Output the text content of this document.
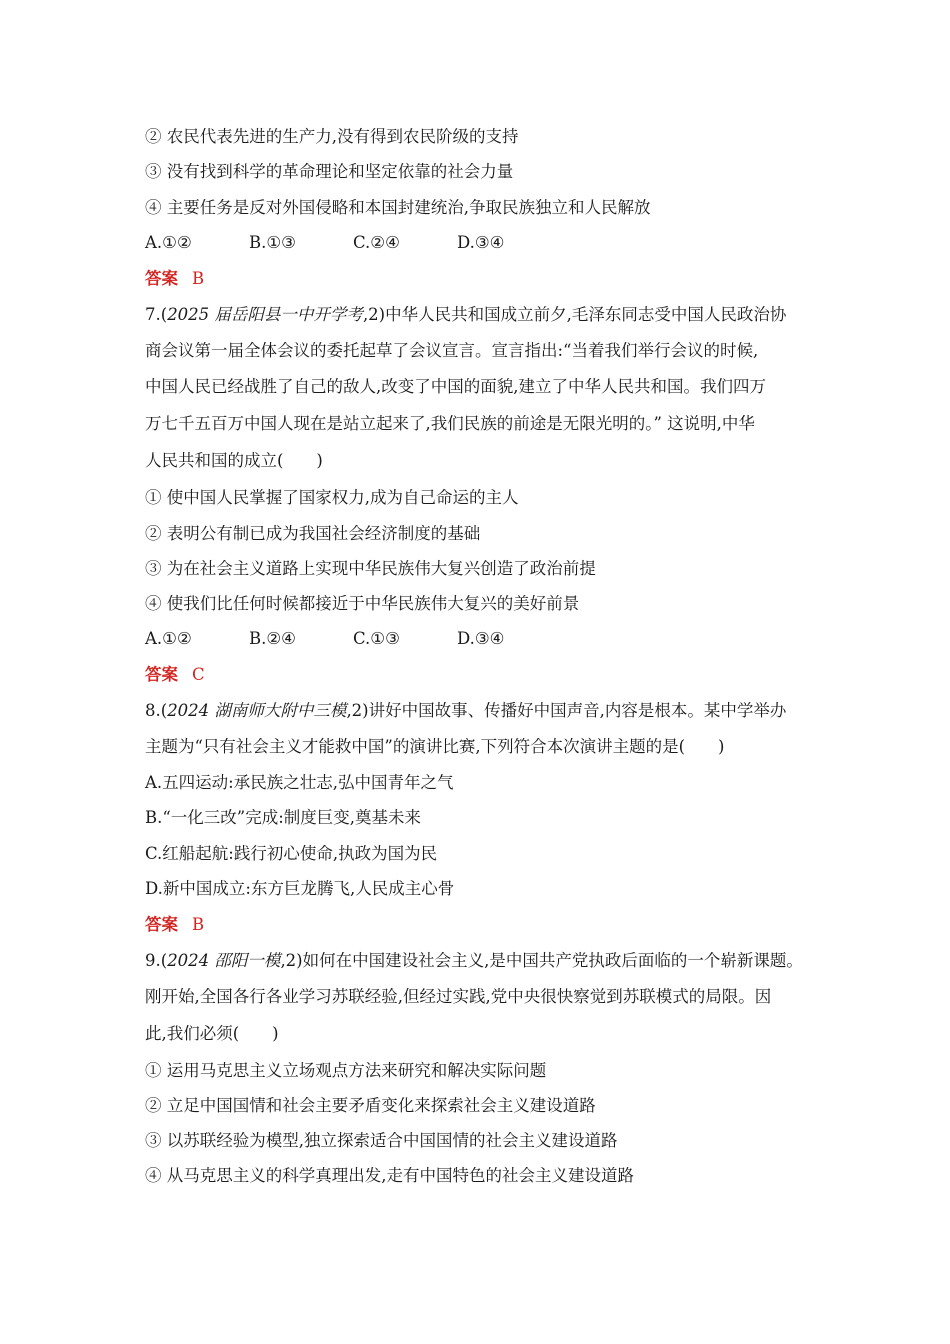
② 农民代表先进的生产力,没有得到农民阶级的支持
③ 没有找到科学的革命理论和坚定依靠的社会力量
④ 主要任务是反对外国侵略和本国封建统治,争取民族独立和人民解放
A.①②	B.①③	C.②④	D.③④
答案 B
7.(2025 届岳阳县一中开学考,2)中华人民共和国成立前夕,毛泽东同志受中国人民政治协
商会议第一届全体会议的委托起草了会议宣言。宣言指出:“当着我们举行会议的时候,
中国人民已经战胜了自己的敌人,改变了中国的面貌,建立了中华人民共和国。我们四万
万七千五百万中国人现在是站立起来了,我们民族的前途是无限光明的。” 这说明,中华
人民共和国的成立(　　)
① 使中国人民掌握了国家权力,成为自己命运的主人
② 表明公有制已成为我国社会经济制度的基础
③ 为在社会主义道路上实现中华民族伟大复兴创造了政治前提
④ 使我们比任何时候都接近于中华民族伟大复兴的美好前景
A.①②	B.②④	C.①③	D.③④
答案 C
8.(2024 湖南师大附中三模,2)讲好中国故事、传播好中国声音,内容是根本。某中学举办
主题为“只有社会主义才能救中国”的演讲比赛,下列符合本次演讲主题的是(　　)
A.五四运动:承民族之壮志,弘中国青年之气
B.“一化三改”完成:制度巨变,奠基未来
C.红船起航:践行初心使命,执政为国为民
D.新中国成立:东方巨龙腾飞,人民成主心骨
答案 B
9.(2024 邵阳一模,2)如何在中国建设社会主义,是中国共产党执政后面临的一个崭新课题。
刚开始,全国各行各业学习苏联经验,但经过实践,党中央很快察觉到苏联模式的局限。因
此,我们必须(　　)
① 运用马克思主义立场观点方法来研究和解决实际问题
② 立足中国国情和社会主要矛盾变化来探索社会主义建设道路
③ 以苏联经验为模型,独立探索适合中国国情的社会主义建设道路
④ 从马克思主义的科学真理出发,走有中国特色的社会主义建设道路
